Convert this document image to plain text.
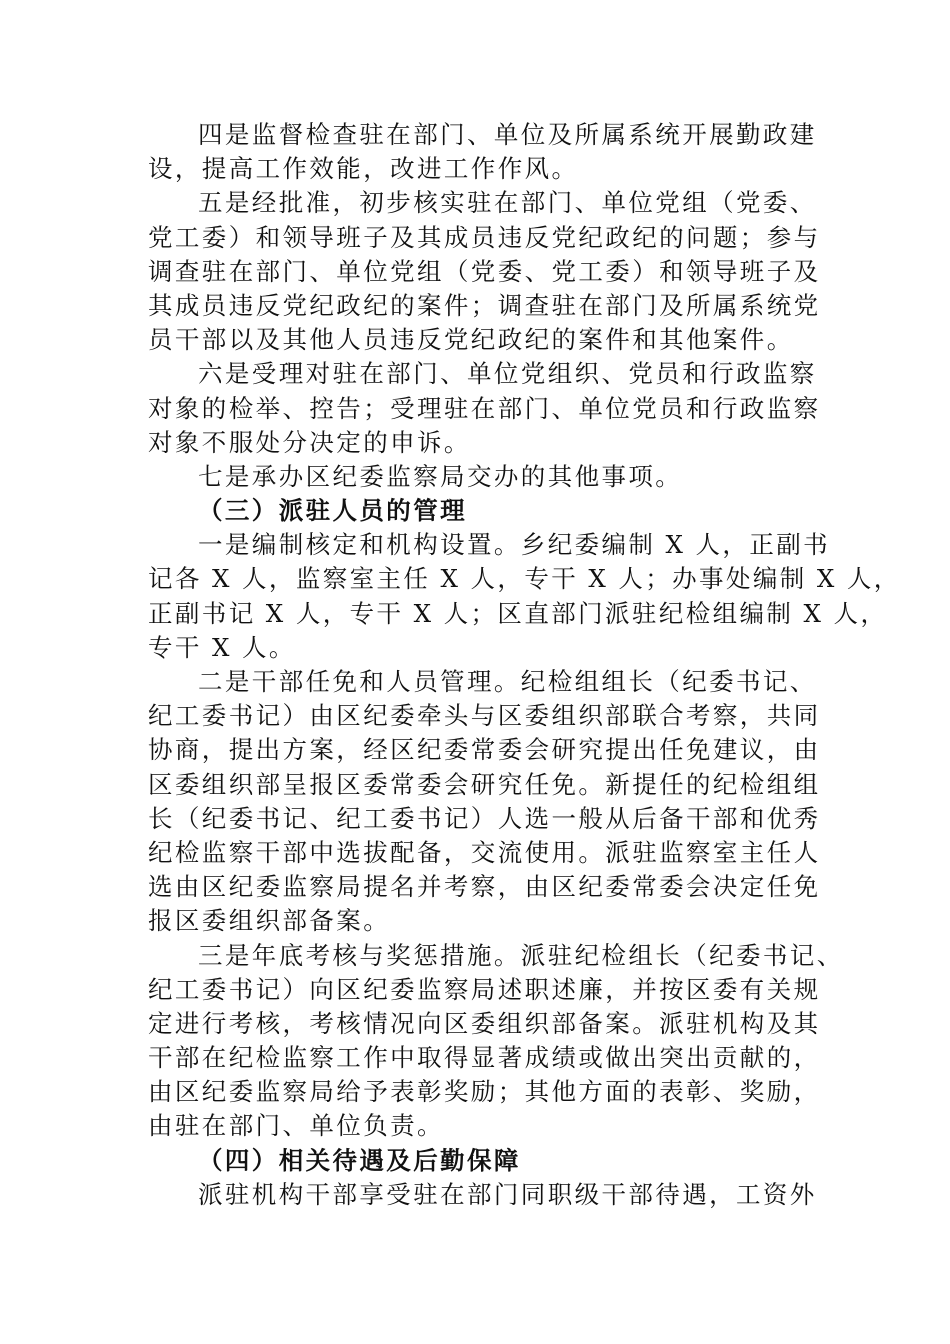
四是监督检查驻在部门、单位及所属系统开展勤政建
设，提高工作效能，改进工作作风。
五是经批准，初步核实驻在部门、单位党组（党委、
党工委）和领导班子及其成员违反党纪政纪的问题；参与
调查驻在部门、单位党组（党委、党工委）和领导班子及
其成员违反党纪政纪的案件；调查驻在部门及所属系统党
员干部以及其他人员违反党纪政纪的案件和其他案件。
六是受理对驻在部门、单位党组织、党员和行政监察
对象的检举、控告；受理驻在部门、单位党员和行政监察
对象不服处分决定的申诉。
七是承办区纪委监察局交办的其他事项。
（三）派驻人员的管理
一是编制核定和机构设置。乡纪委编制 X 人，正副书
记各 X 人，监察室主任 X 人，专干 X 人；办事处编制 X 人，
正副书记 X 人，专干 X 人；区直部门派驻纪检组编制 X 人，
专干 X 人。
二是干部任免和人员管理。纪检组组长（纪委书记、
纪工委书记）由区纪委牵头与区委组织部联合考察，共同
协商，提出方案，经区纪委常委会研究提出任免建议，由
区委组织部呈报区委常委会研究任免。新提任的纪检组组
长（纪委书记、纪工委书记）人选一般从后备干部和优秀
纪检监察干部中选拔配备，交流使用。派驻监察室主任人
选由区纪委监察局提名并考察，由区纪委常委会决定任免
报区委组织部备案。
三是年底考核与奖惩措施。派驻纪检组长（纪委书记、
纪工委书记）向区纪委监察局述职述廉，并按区委有关规
定进行考核，考核情况向区委组织部备案。派驻机构及其
干部在纪检监察工作中取得显著成绩或做出突出贡献的，
由区纪委监察局给予表彰奖励；其他方面的表彰、奖励，
由驻在部门、单位负责。
（四）相关待遇及后勤保障
派驻机构干部享受驻在部门同职级干部待遇，工资外
